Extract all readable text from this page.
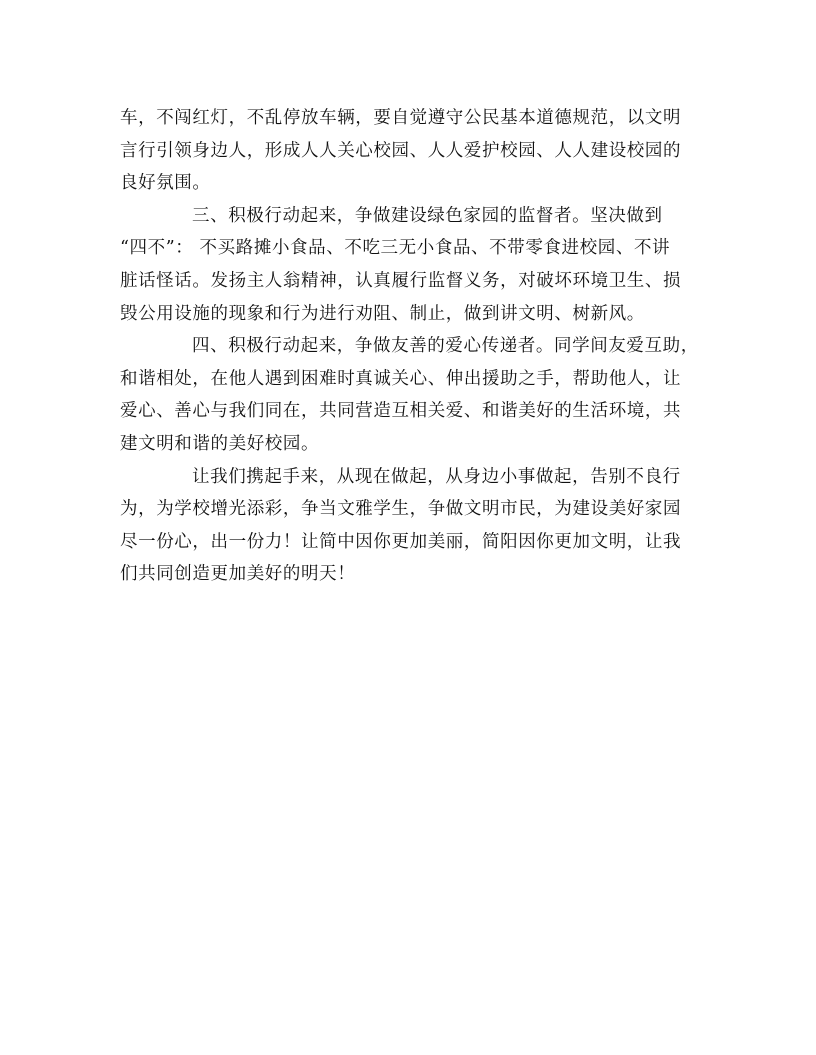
车，不闯红灯，不乱停放车辆，要自觉遵守公民基本道德规范，以文明
言行引领身边人，形成人人关心校园、人人爱护校园、人人建设校园的
良好氛围。

三、积极行动起来，争做建设绿色家园的监督者。坚决做到
“四不”： 不买路摊小食品、不吃三无小食品、不带零食进校园、不讲
脏话怪话。发扬主人翁精神，认真履行监督义务，对破坏环境卫生、损
毁公用设施的现象和行为进行劝阻、制止，做到讲文明、树新风。

四、积极行动起来，争做友善的爱心传递者。同学间友爱互助，
和谐相处，在他人遇到困难时真诚关心、伸出援助之手，帮助他人，让
爱心、善心与我们同在，共同营造互相关爱、和谐美好的生活环境，共
建文明和谐的美好校园。

让我们携起手来，从现在做起，从身边小事做起，告别不良行
为，为学校增光添彩，争当文雅学生，争做文明市民，为建设美好家园
尽一份心，出一份力！让简中因你更加美丽，简阳因你更加文明，让我
们共同创造更加美好的明天！
